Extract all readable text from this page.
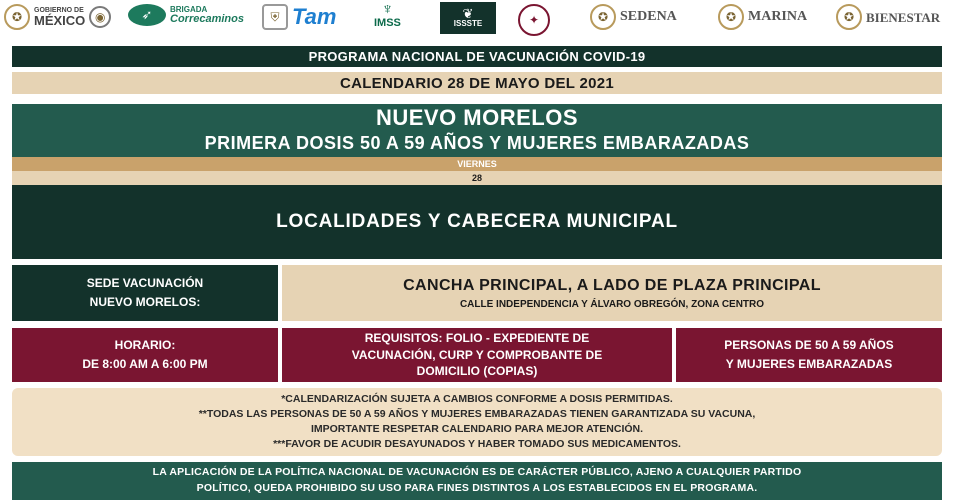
✪	GOBIERNO DE
MÉXICO ◉	➶	BRIGADA
Correcaminos	⛨ Tam	♆
IMSS
❦
ISSSTE	✦	✪ SEDENA	✪ MARINA	✪ BIENESTAR
PROGRAMA NACIONAL DE VACUNACIÓN COVID-19
CALENDARIO 28 DE MAYO DEL 2021
NUEVO MORELOS
PRIMERA DOSIS 50 A 59 AÑOS Y MUJERES EMBARAZADAS
VIERNES
28
LOCALIDADES Y CABECERA MUNICIPAL
SEDE VACUNACIÓN
NUEVO MORELOS:
CANCHA PRINCIPAL, A LADO DE PLAZA PRINCIPAL
CALLE INDEPENDENCIA Y ÁLVARO OBREGÓN, ZONA CENTRO
HORARIO:
DE 8:00 AM A 6:00 PM
REQUISITOS: FOLIO - EXPEDIENTE DE
VACUNACIÓN, CURP Y COMPROBANTE DE
DOMICILIO (COPIAS)
PERSONAS DE 50 A 59 AÑOS
Y MUJERES EMBARAZADAS
*CALENDARIZACIÓN SUJETA A CAMBIOS CONFORME A DOSIS PERMITIDAS.
**TODAS LAS PERSONAS DE 50 A 59 AÑOS Y MUJERES EMBARAZADAS TIENEN GARANTIZADA SU VACUNA,
IMPORTANTE RESPETAR CALENDARIO PARA MEJOR ATENCIÓN.
***FAVOR DE ACUDIR DESAYUNADOS Y HABER TOMADO SUS MEDICAMENTOS.
LA APLICACIÓN DE LA POLÍTICA NACIONAL DE VACUNACIÓN ES DE CARÁCTER PÚBLICO, AJENO A CUALQUIER PARTIDO
POLÍTICO, QUEDA PROHIBIDO SU USO PARA FINES DISTINTOS A LOS ESTABLECIDOS EN EL PROGRAMA.
